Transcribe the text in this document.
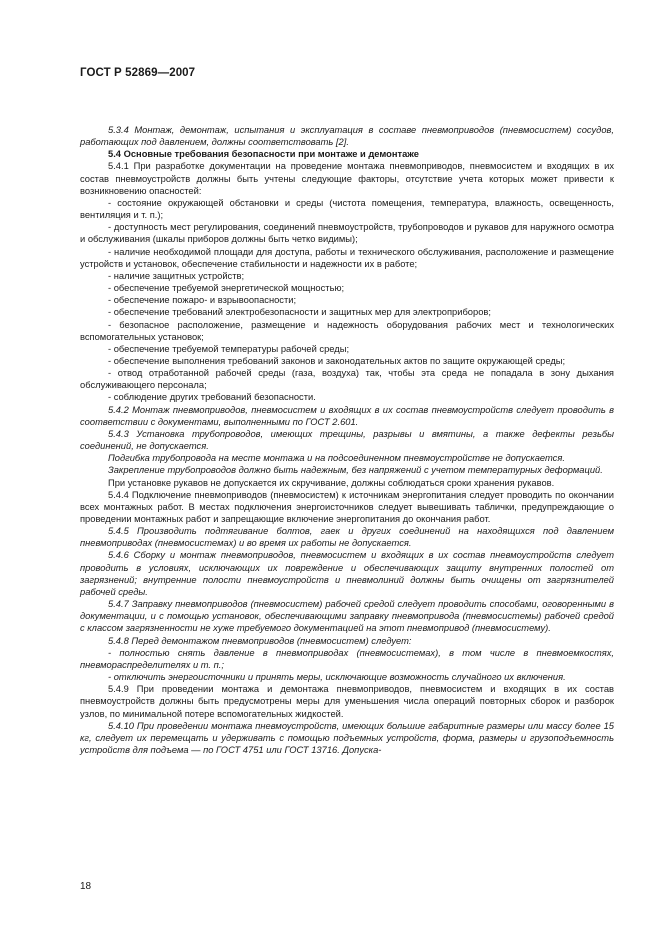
ГОСТ Р 52869—2007

5.3.4 Монтаж, демонтаж, испытания и эксплуатация в составе пневмоприводов (пневмосистем) сосудов, работающих под давлением, должны соответствовать [2].

5.4 Основные требования безопасности при монтаже и демонтаже

5.4.1 При разработке документации на проведение монтажа пневмоприводов, пневмосистем и входящих в их состав пневмоустройств должны быть учтены следующие факторы, отсутствие учета которых может привести к возникновению опасностей:

- состояние окружающей обстановки и среды (чистота помещения, температура, влажность, освещенность, вентиляция и т. п.);

- доступность мест регулирования, соединений пневмоустройств, трубопроводов и рукавов для наружного осмотра и обслуживания (шкалы приборов должны быть четко видимы);

- наличие необходимой площади для доступа, работы и технического обслуживания, расположение и размещение устройств и установок, обеспечение стабильности и надежности их в работе;

- наличие защитных устройств;

- обеспечение требуемой энергетической мощностью;

- обеспечение пожаро- и взрывоопасности;

- обеспечение требований электробезопасности и защитных мер для электроприборов;

- безопасное расположение, размещение и надежность оборудования рабочих мест и технологических вспомогательных установок;

- обеспечение требуемой температуры рабочей среды;

- обеспечение выполнения требований законов и законодательных актов по защите окружающей среды;

- отвод отработанной рабочей среды (газа, воздуха) так, чтобы эта среда не попадала в зону дыхания обслуживающего персонала;

- соблюдение других требований безопасности.

5.4.2 Монтаж пневмоприводов, пневмосистем и входящих в их состав пневмоустройств следует проводить в соответствии с документами, выполненными по ГОСТ 2.601.

5.4.3 Установка трубопроводов, имеющих трещины, разрывы и вмятины, а также дефекты резьбы соединений, не допускается.

Подгибка трубопровода на месте монтажа и на подсоединенном пневмоустройстве не допускается.

Закрепление трубопроводов должно быть надежным, без напряжений с учетом температурных деформаций.

При установке рукавов не допускается их скручивание, должны соблюдаться сроки хранения рукавов.

5.4.4 Подключение пневмоприводов (пневмосистем) к источникам энергопитания следует проводить по окончании всех монтажных работ. В местах подключения энергоисточников следует вывешивать таблички, предупреждающие о проведении монтажных работ и запрещающие включение энергопитания до окончания работ.

5.4.5 Производить подтягивание болтов, гаек и других соединений на находящихся под давлением пневмоприводах (пневмосистемах) и во время их работы не допускается.

5.4.6 Сборку и монтаж пневмоприводов, пневмосистем и входящих в их состав пневмоустройств следует проводить в условиях, исключающих их повреждение и обеспечивающих защиту внутренних полостей от загрязнений; внутренние полости пневмоустройств и пневмолиний должны быть очищены от загрязнителей рабочей среды.

5.4.7 Заправку пневмоприводов (пневмосистем) рабочей средой следует проводить способами, оговоренными в документации, и с помощью установок, обеспечивающими заправку пневмопривода (пневмосистемы) рабочей средой с классом загрязненности не хуже требуемого документацией на этот пневмопривод (пневмосистему).

5.4.8 Перед демонтажом пневмоприводов (пневмосистем) следует:

- полностью снять давление в пневмоприводах (пневмосистемах), в том числе в пневмоемкостях, пневмораспределителях и т. п.;

- отключить энергоисточники и принять меры, исключающие возможность случайного их включения.

5.4.9 При проведении монтажа и демонтажа пневмоприводов, пневмосистем и входящих в их состав пневмоустройств должны быть предусмотрены меры для уменьшения числа операций повторных сборок и разборок узлов, по минимальной потере вспомогательных жидкостей.

5.4.10 При проведении монтажа пневмоустройств, имеющих большие габаритные размеры или массу более 15 кг, следует их перемещать и удерживать с помощью подъемных устройств, форма, размеры и грузоподъемность устройств для подъема — по ГОСТ 4751 или ГОСТ 13716. Допуска-

18
